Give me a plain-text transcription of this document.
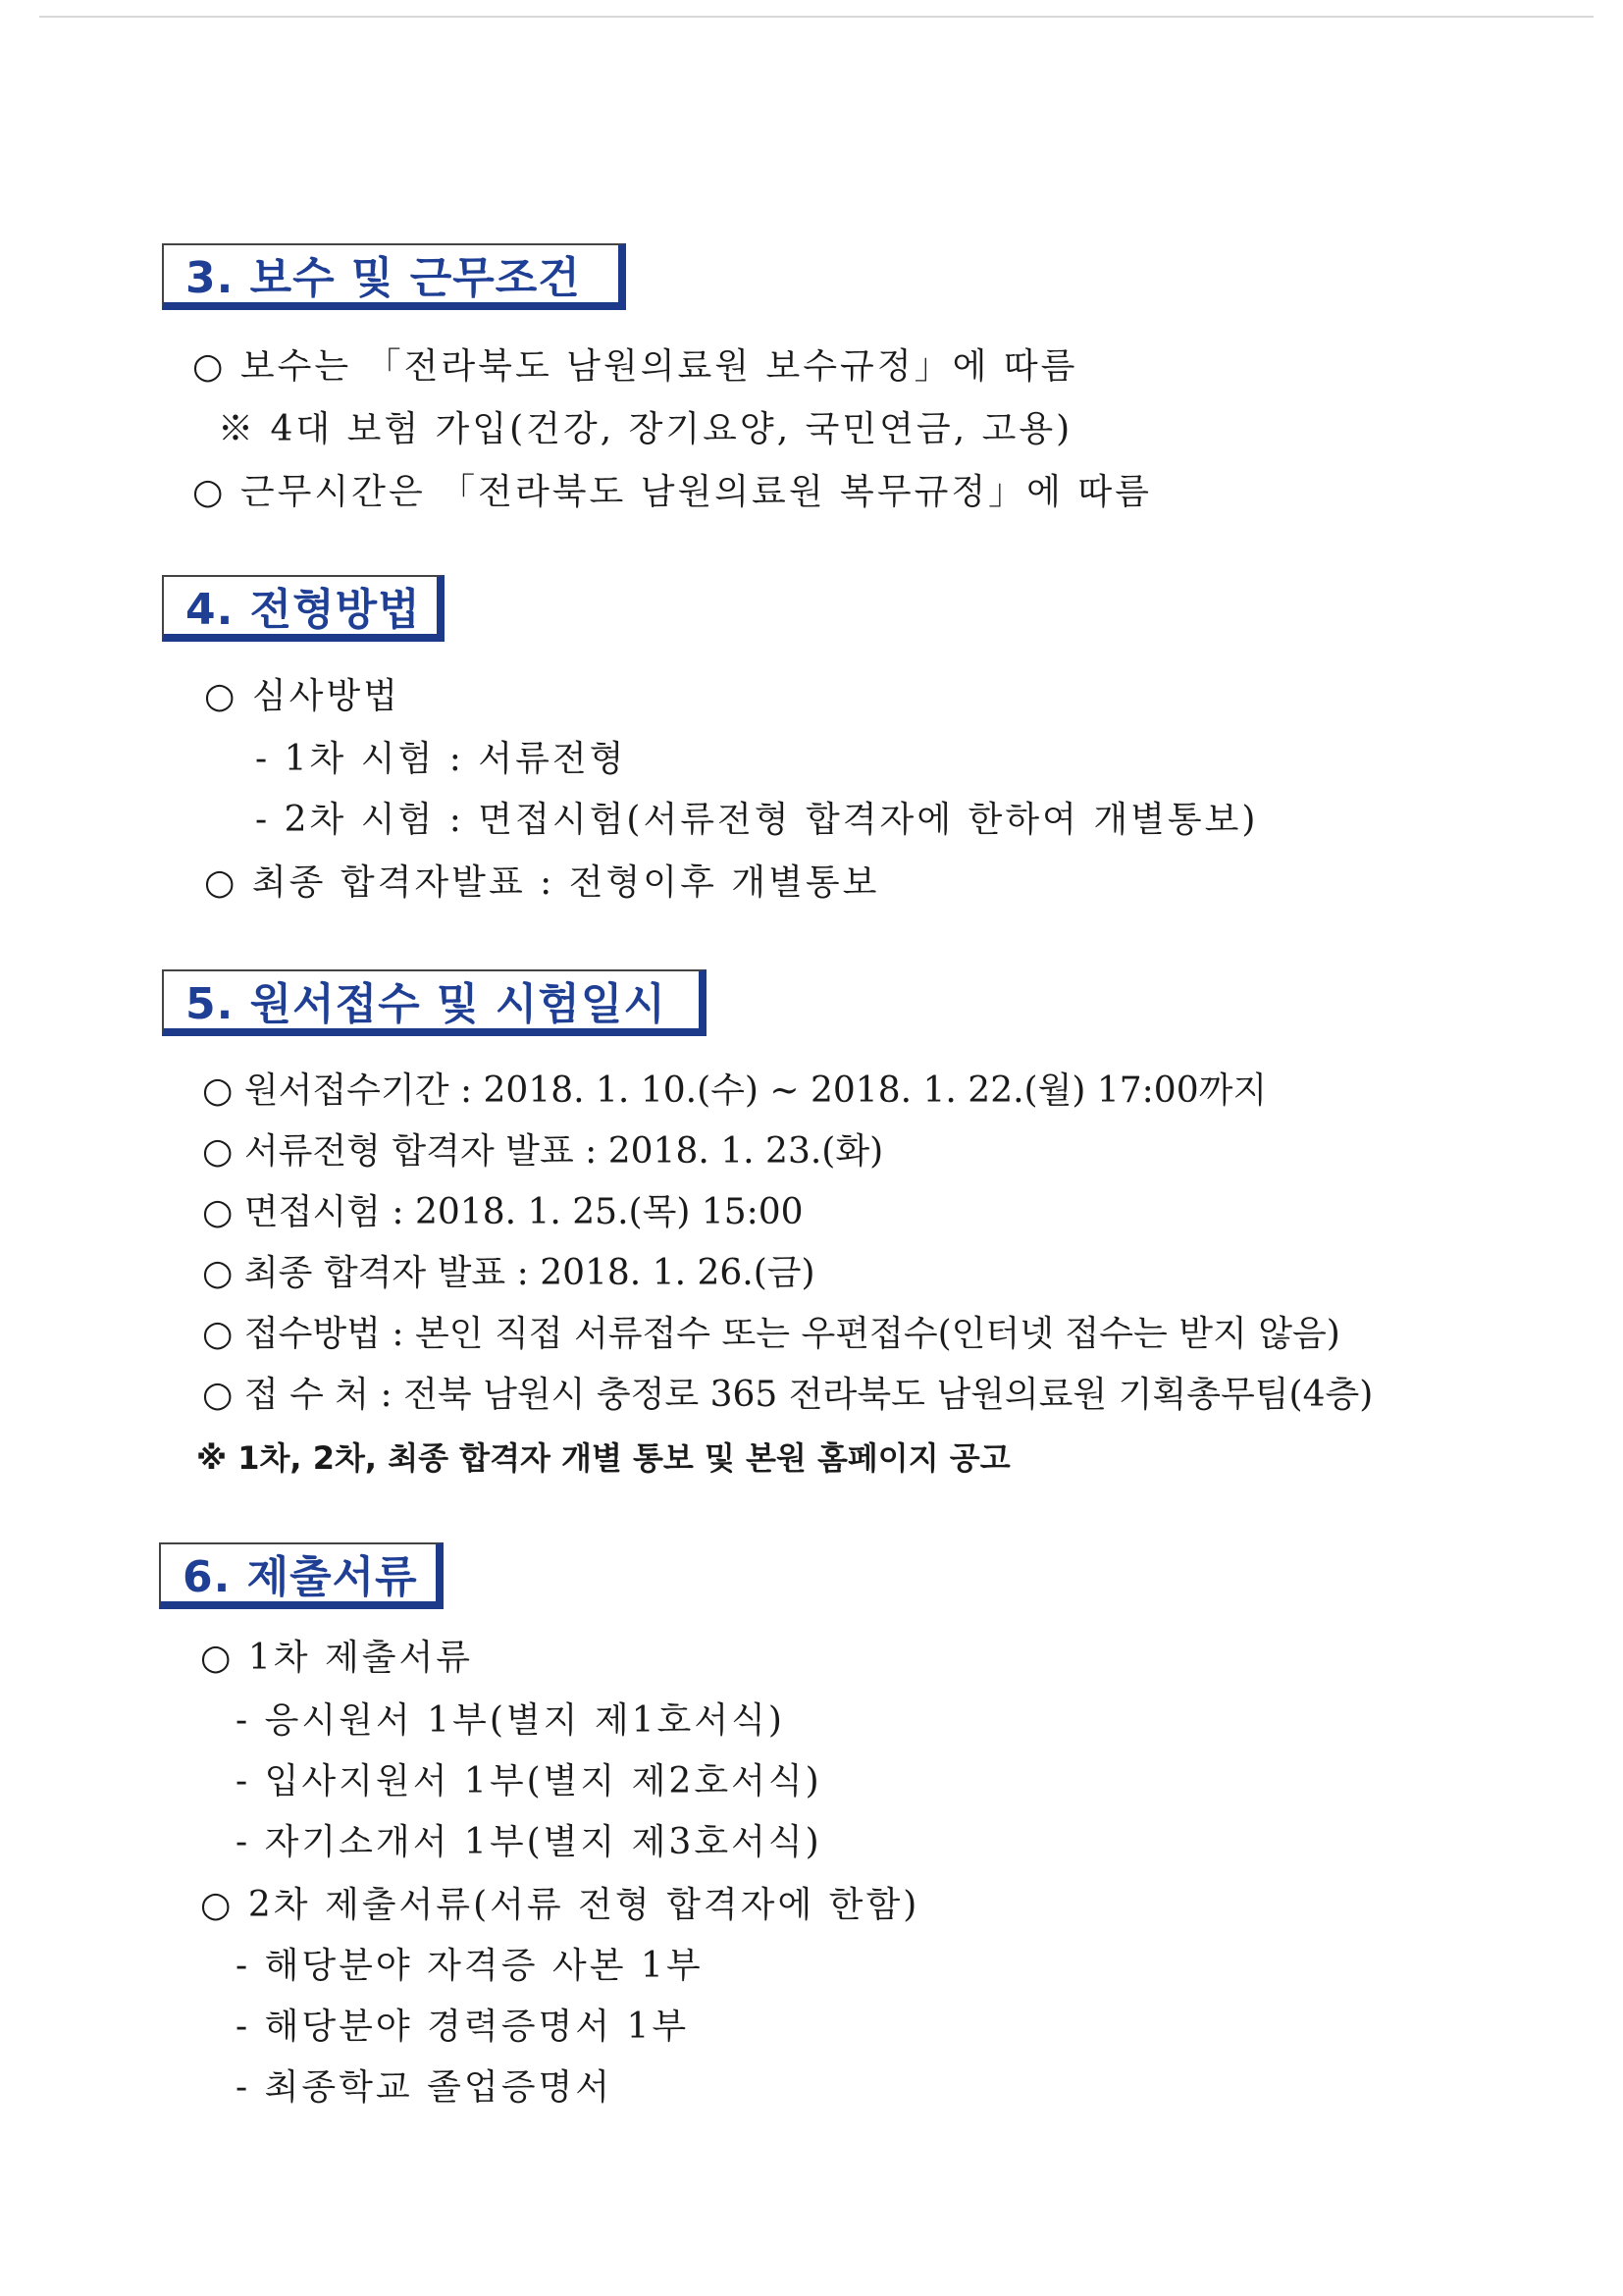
3. 보수 및 근무조건
○ 보수는 「전라북도 남원의료원 보수규정」에 따름
※ 4대 보험 가입(건강, 장기요양, 국민연금, 고용)
○ 근무시간은 「전라북도 남원의료원 복무규정」에 따름
4. 전형방법
○ 심사방법
- 1차 시험 : 서류전형
- 2차 시험 : 면접시험(서류전형 합격자에 한하여 개별통보)
○ 최종 합격자발표 : 전형이후 개별통보
5. 원서접수 및 시험일시
○ 원서접수기간 : 2018. 1. 10.(수) ~ 2018. 1. 22.(월) 17:00까지
○ 서류전형 합격자 발표 : 2018. 1. 23.(화)
○ 면접시험 : 2018. 1. 25.(목) 15:00
○ 최종 합격자 발표 : 2018. 1. 26.(금)
○ 접수방법 : 본인 직접 서류접수 또는 우편접수(인터넷 접수는 받지 않음)
○ 접 수 처 : 전북 남원시 충정로 365 전라북도 남원의료원 기획총무팀(4층)
※ 1차, 2차, 최종 합격자 개별 통보 및 본원 홈페이지 공고
6. 제출서류
○ 1차 제출서류
- 응시원서 1부(별지 제1호서식)
- 입사지원서 1부(별지 제2호서식)
- 자기소개서 1부(별지 제3호서식)
○ 2차 제출서류(서류 전형 합격자에 한함)
- 해당분야 자격증 사본 1부
- 해당분야 경력증명서 1부
- 최종학교 졸업증명서
